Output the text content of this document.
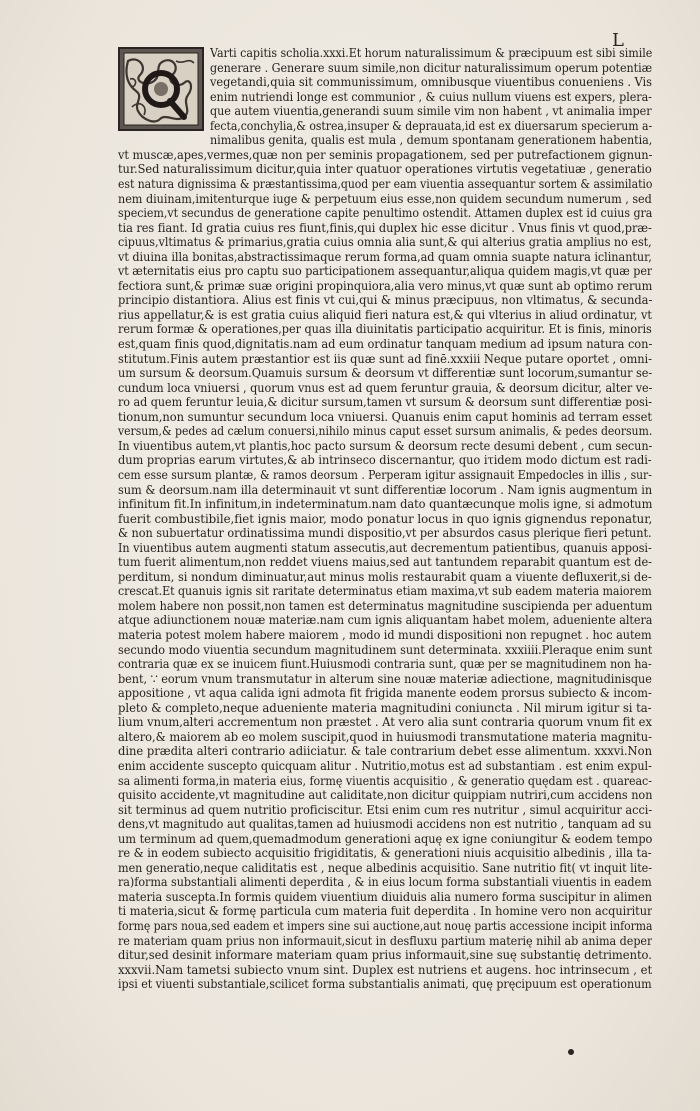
L
Varti capitis scholia.xxxi.Et horum naturalissimum & præcipuum est sibi simile
generare . Generare suum simile,non dicitur naturalissimum operum potentiæ
vegetandi,quia sit communissimum, omnibusque viuentibus conueniens . Vis
enim nutriendi longe est communior , & cuius nullum viuens est expers, plera-
que autem viuentia,generandi suum simile vim non habent , vt animalia imper
fecta,conchylia,& ostrea,insuper & deprauata,id est ex diuersarum specierum a-
nimalibus genita, qualis est mula , demum spontanam generationem habentia,
vt muscæ,apes,vermes,quæ non per seminis propagationem, sed per putrefactionem gignun-
tur.Sed naturalissimum dicitur,quia inter quatuor operationes virtutis vegetatiuæ , generatio
est natura dignissima & præstantissima,quod per eam viuentia assequantur sortem & assimilatio
nem diuinam,imitenturque iuge & perpetuum eius esse,non quidem secundum numerum , sed
speciem,vt secundus de generatione capite penultimo ostendit. Attamen duplex est id cuius gra
tia res fiant. Id gratia cuius res fiunt,finis,qui duplex hic esse dicitur . Vnus finis vt quod,præ-
cipuus,vltimatus & primarius,gratia cuius omnia alia sunt,& qui alterius gratia amplius no est,
vt diuina illa bonitas,abstractissimaque rerum forma,ad quam omnia suapte natura iclinantur,
vt æternitatis eius pro captu suo participationem assequantur,aliqua quidem magis,vt quæ per
fectiora sunt,& primæ suæ origini propinquiora,alia vero minus,vt quæ sunt ab optimo rerum
principio distantiora. Alius est finis vt cui,qui & minus præcipuus, non vltimatus, & secunda-
rius appellatur,& is est gratia cuius aliquid fieri natura est,& qui vlterius in aliud ordinatur, vt
rerum formæ & operationes,per quas illa diuinitatis participatio acquiritur. Et is finis, minoris
est,quam finis quod,dignitatis.nam ad eum ordinatur tanquam medium ad ipsum natura con-
stitutum.Finis autem præstantior est iis quæ sunt ad finē.xxxiii Neque putare oportet , omni-
um sursum & deorsum.Quamuis sursum & deorsum vt differentiæ sunt locorum,sumantur se-
cundum loca vniuersi , quorum vnus est ad quem feruntur grauia, & deorsum dicitur, alter ve-
ro ad quem feruntur leuia,& dicitur sursum,tamen vt sursum & deorsum sunt differentiæ posi-
tionum,non sumuntur secundum loca vniuersi. Quanuis enim caput hominis ad terram esset
versum,& pedes ad cælum conuersi,nihilo minus caput esset sursum animalis, & pedes deorsum.
In viuentibus autem,vt plantis,hoc pacto sursum & deorsum recte desumi debent , cum secun-
dum proprias earum virtutes,& ab intrinseco discernantur, quo iτidem modo dictum est radi-
cem esse sursum plantæ, & ramos deorsum . Perperam igitur assignauit Empedocles in illis , sur-
sum & deorsum.nam illa determinauit vt sunt differentiæ locorum . Nam ignis augmentum in
infinitum fit.In infinitum,in indeterminatum.nam dato quantæcunque molis igne, si admotum
fuerit combustibile,fiet ignis maior, modo ponatur locus in quo ignis gignendus reponatur,
& non subuertatur ordinatissima mundi dispositio,vt per absurdos casus plerique fieri petunt.
In viuentibus autem augmenti statum assecutis,aut decrementum patientibus, quanuis apposi-
tum fuerit alimentum,non reddet viuens maius,sed aut tantundem reparabit quantum est de-
perditum, si nondum diminuatur,aut minus molis restaurabit quam a viuente defluxerit,si de-
crescat.Et quanuis ignis sit raritate determinatus etiam maxima,vt sub eadem materia maiorem
molem habere non possit,non tamen est determinatus magnitudine suscipienda per aduentum
atque adiunctionem nouæ materiæ.nam cum ignis aliquantam habet molem, adueniente altera
materia potest molem habere maiorem , modo id mundi dispositioni non repugnet . hoc autem
secundo modo viuentia secundum magnitudinem sunt determinata. xxxiiii.Pleraque enim sunt
contraria quæ ex se inuicem fiunt.Huiusmodi contraria sunt, quæ per se magnitudinem non ha-
bent, ∵ eorum vnum transmutatur in alterum sine nouæ materiæ adiectione, magnitudinisque
appositione , vt aqua calida igni admota fit frigida manente eodem prorsus subiecto & incom-
pleto & completo,neque adueniente materia magnitudini coniuncta . Nil mirum igitur si ta-
lium vnum,alteri accrementum non præstet . At vero alia sunt contraria quorum vnum fit ex
altero,& maiorem ab eo molem suscipit,quod in huiusmodi transmutatione materia magnitu-
dine prædita alteri contrario adiiciatur. & tale contrarium debet esse alimentum. xxxvi.Non
enim accidente suscepto quicquam alitur . Nutritio,motus est ad substantiam . est enim expul-
sa alimenti forma,in materia eius, formę viuentis acquisitio , & generatio quędam est . quareac-
quisito accidente,vt magnitudine aut caliditate,non dicitur quippiam nutriri,cum accidens non
sit terminus ad quem nutritio proficiscitur. Etsi enim cum res nutritur , simul acquiritur acci-
dens,vt magnitudo aut qualitas,tamen ad huiusmodi accidens non est nutritio , tanquam ad su
um terminum ad quem,quemadmodum generationi aquę ex igne coniungitur & eodem tempo
re & in eodem subiecto acquisitio frigiditatis, & generationi niuis acquisitio albedinis , illa ta-
men generatio,neque caliditatis est , neque albedinis acquisitio. Sane nutritio fit( vt inquit lite-
ra)forma substantiali alimenti deperdita , & in eius locum forma substantiali viuentis in eadem
materia suscepta.In formis quidem viuentium diuiduis alia numero forma suscipitur in alimen
ti materia,sicut & formę particula cum materia fuit deperdita . In homine vero non acquiritur
formę pars noua,sed eadem et impers sine sui auctione,aut nouę partis accessione incipit informa
re materiam quam prius non informauit,sicut in desfluxu partium materię nihil ab anima deper
ditur,sed desinit informare materiam quam prius informauit,sine suę substantię detrimento.
xxxvii.Nam tametsi subiecto vnum sint. Duplex est nutriens et augens. hoc intrinsecum , et
ipsi et viuenti substantiale,scilicet forma substantialis animati, quę pręcipuum est operationum
